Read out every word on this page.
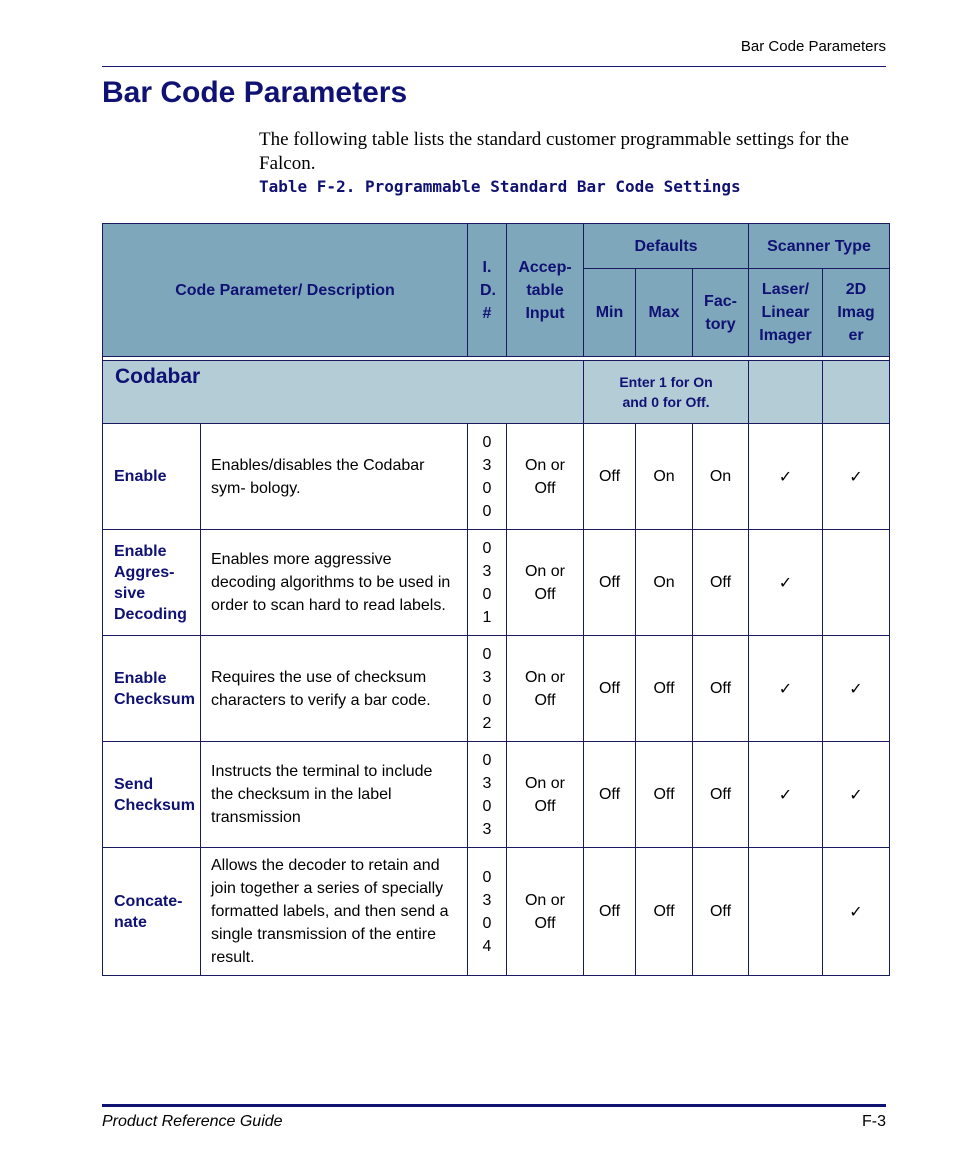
Bar Code Parameters
Bar Code Parameters

The following table lists the standard customer programmable settings for the Falcon.

Table F-2. Programmable Standard Bar Code Settings

Code Parameter/ Description		I. D. #	Accep- table Input	Defaults			Scanner Type	
				Min	Max	Fac- tory	Laser/ Linear Imager	2D Imag er

Codabar				Enter 1 for On and 0 for Off.				

Enable	Enables/disables the Codabar sym- bology.	0 3 0 0	On or Off	Off	On	On	✓	✓
Enable Aggres- sive Decoding	Enables more aggressive decoding algorithms to be used in order to scan hard to read labels.	0 3 0 1	On or Off	Off	On	Off	✓	
Enable Checksum	Requires the use of checksum characters to verify a bar code.	0 3 0 2	On or Off	Off	Off	Off	✓	✓
Send Checksum	Instructs the terminal to include the checksum in the label transmission	0 3 0 3	On or Off	Off	Off	Off	✓	✓
Concate- nate	Allows the decoder to retain and join together a series of specially formatted labels, and then send a single transmission of the entire result.	0 3 0 4	On or Off	Off	Off	Off		✓
Product Reference Guide	F-3
